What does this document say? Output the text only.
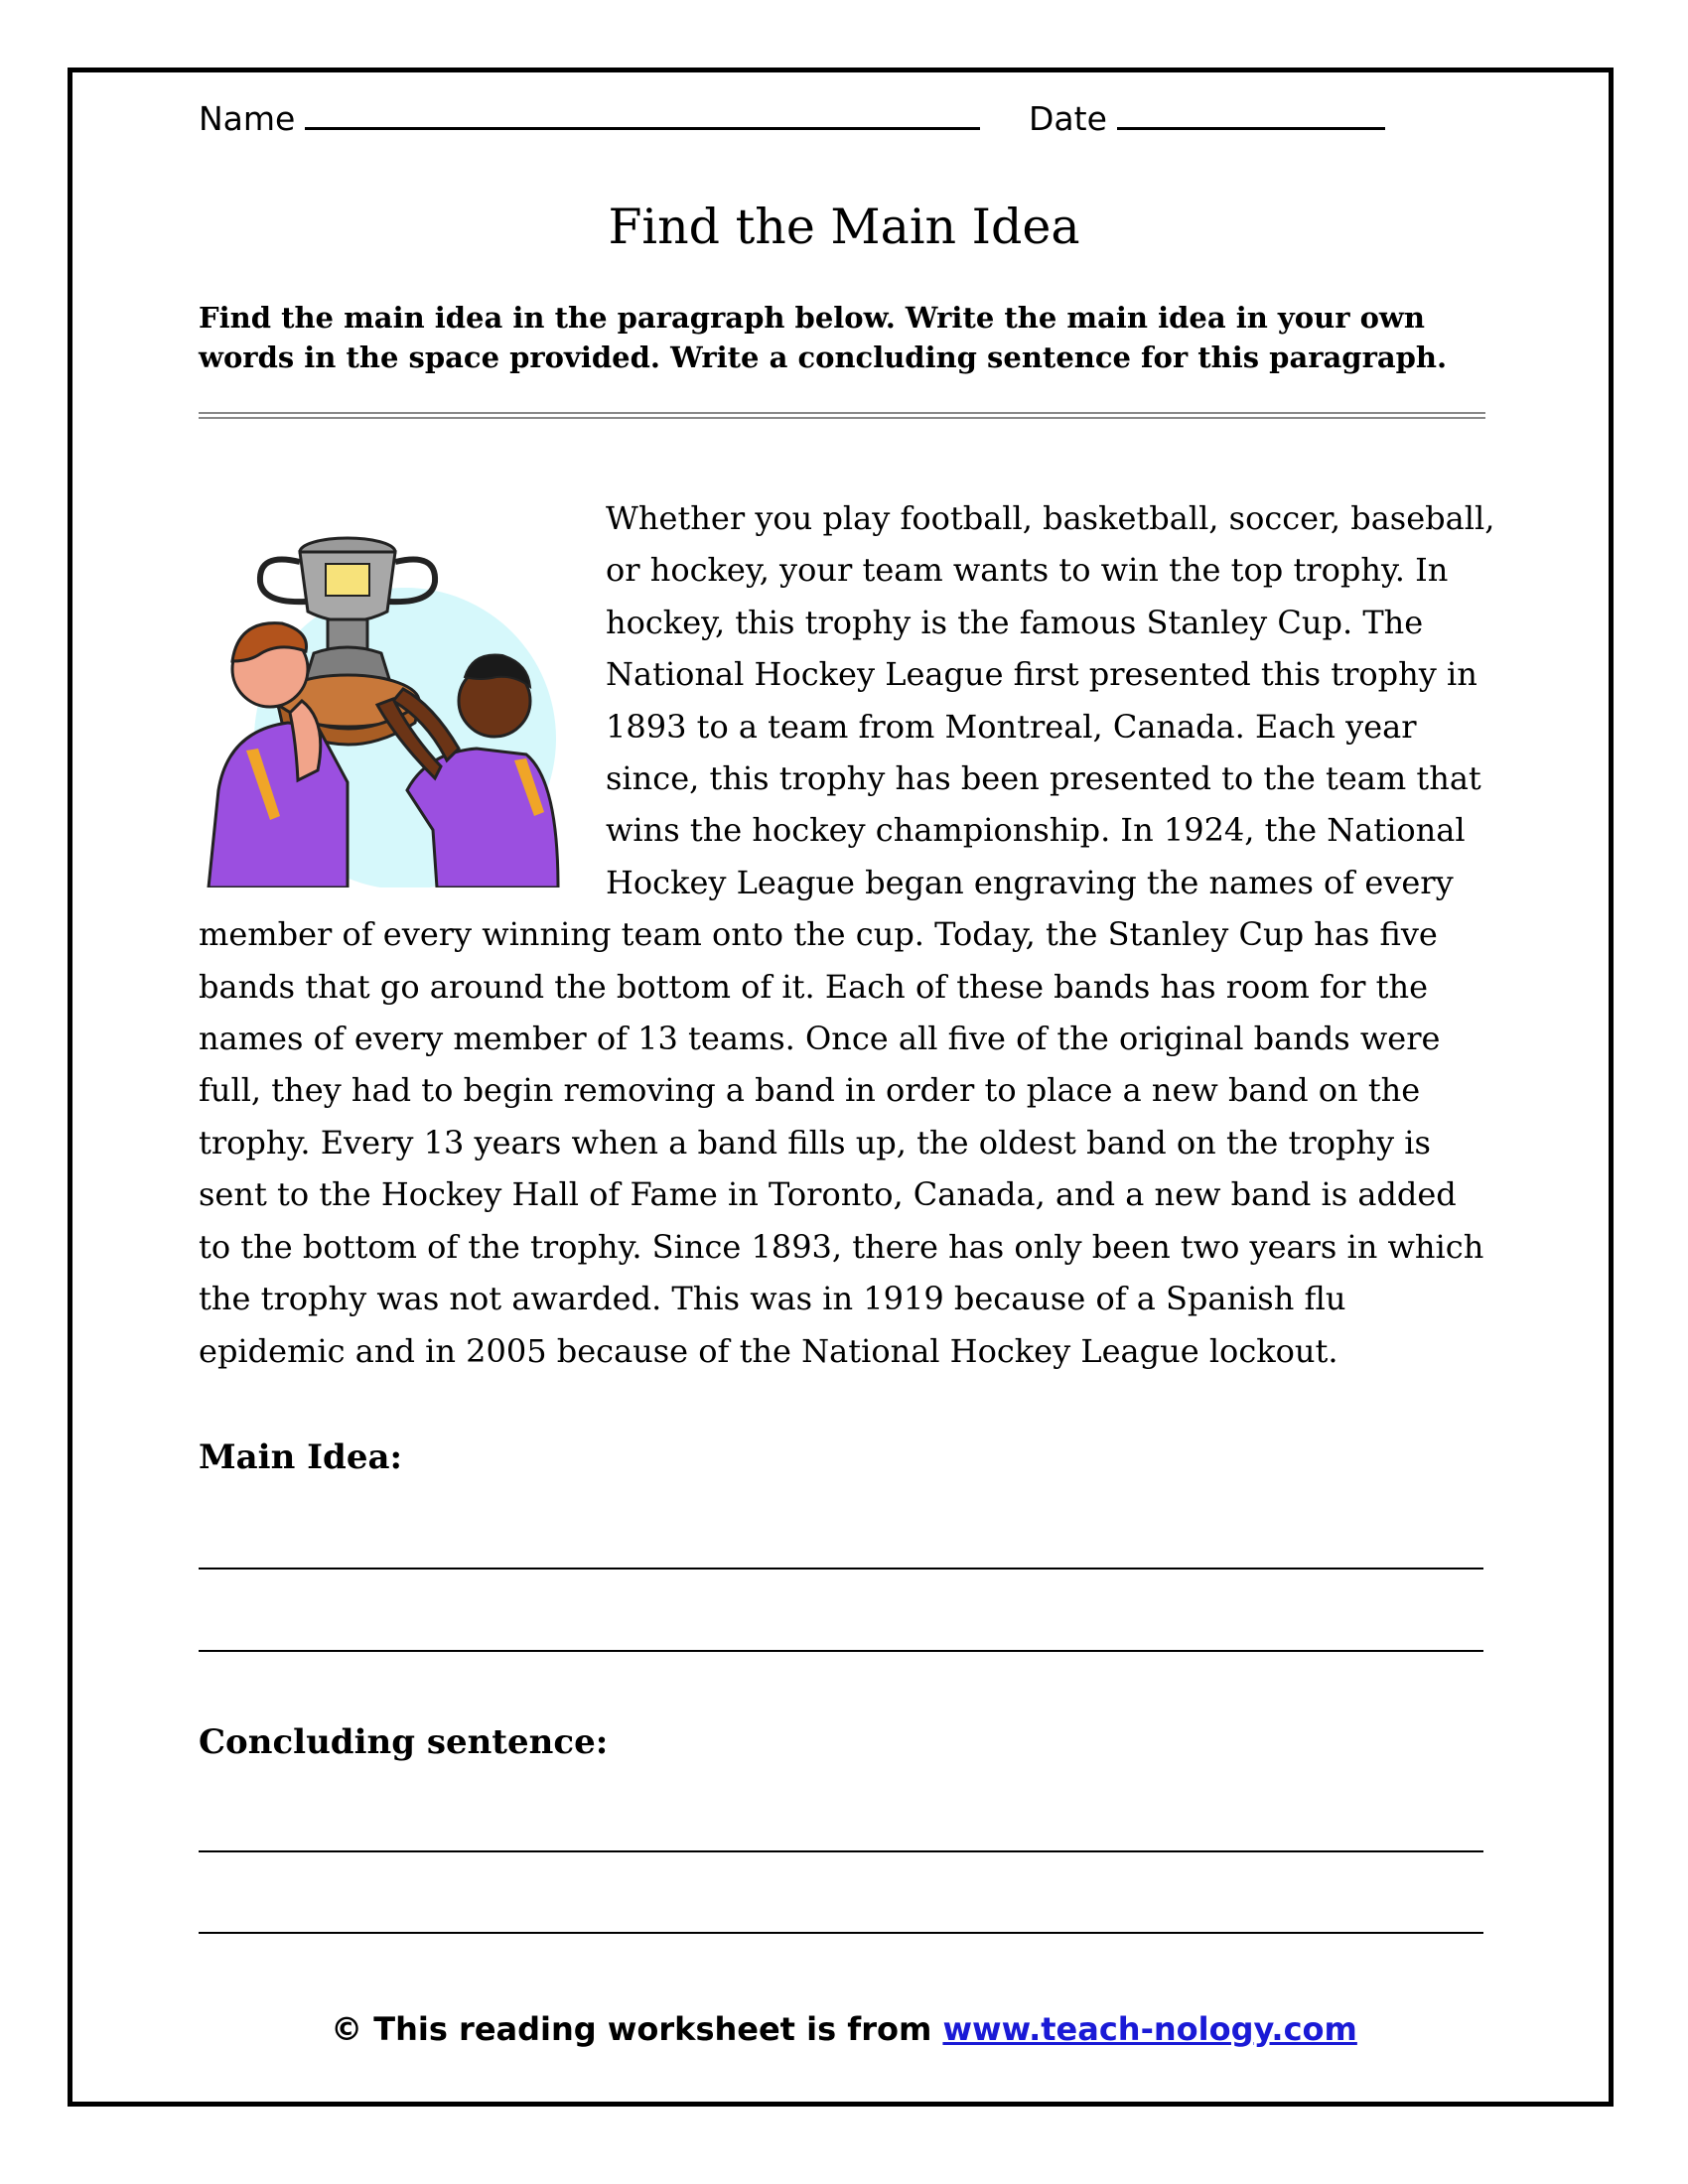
Name	Date
Find the Main Idea
Find the main idea in the paragraph below. Write the main idea in your own words in the space provided. Write a concluding sentence for this paragraph.

Whether you play football, basketball, soccer, baseball, or hockey, your team wants to win the top trophy. In hockey, this trophy is the famous Stanley Cup. The National Hockey League first presented this trophy in 1893 to a team from Montreal, Canada. Each year since, this trophy has been presented to the team that wins the hockey championship. In 1924, the National Hockey League began engraving the names of every member of every winning team onto the cup. Today, the Stanley Cup has five bands that go around the bottom of it. Each of these bands has room for the names of every member of 13 teams. Once all five of the original bands were full, they had to begin removing a band in order to place a new band on the trophy. Every 13 years when a band fills up, the oldest band on the trophy is sent to the Hockey Hall of Fame in Toronto, Canada, and a new band is added to the bottom of the trophy. Since 1893, there has only been two years in which the trophy was not awarded. This was in 1919 because of a Spanish flu epidemic and in 2005 because of the National Hockey League lockout.

Main Idea:
Concluding sentence:
© This reading worksheet is from www.teach-nology.com
